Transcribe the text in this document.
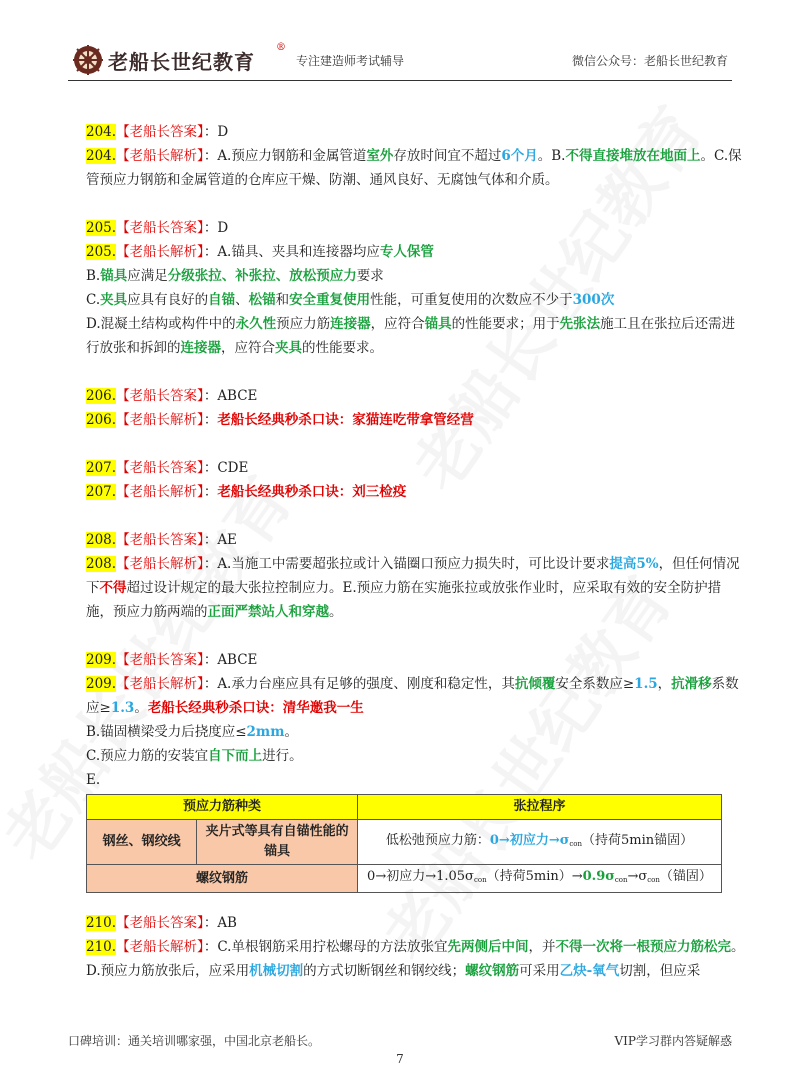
老船长世纪教育
®
专注建造师考试辅导	微信公众号：老船长世纪教育

204.【老船长答案】：D

204.【老船长解析】：A.预应力钢筋和金属管道室外存放时间宜不超过6个月。B.不得直接堆放在地面上。C.保管预应力钢筋和金属管道的仓库应干燥、防潮、通风良好、无腐蚀气体和介质。

205.【老船长答案】：D

205.【老船长解析】：A.锚具、夹具和连接器均应专人保管

B.锚具应满足分级张拉、补张拉、放松预应力要求

C.夹具应具有良好的自锚、松锚和安全重复使用性能，可重复使用的次数应不少于300次

D.混凝土结构或构件中的永久性预应力筋连接器，应符合锚具的性能要求；用于先张法施工且在张拉后还需进行放张和拆卸的连接器，应符合夹具的性能要求。

206.【老船长答案】：ABCE

206.【老船长解析】：老船长经典秒杀口诀：家猫连吃带拿管经营

207.【老船长答案】：CDE

207.【老船长解析】：老船长经典秒杀口诀：刘三检疫

208.【老船长答案】：AE

208.【老船长解析】：A.当施工中需要超张拉或计入锚圈口预应力损失时，可比设计要求提高5%，但任何情况下不得超过设计规定的最大张拉控制应力。E.预应力筋在实施张拉或放张作业时，应采取有效的安全防护措施，预应力筋两端的正面严禁站人和穿越。

209.【老船长答案】：ABCE

209.【老船长解析】：A.承力台座应具有足够的强度、刚度和稳定性，其抗倾覆安全系数应≥1.5，抗滑移系数应≥1.3。老船长经典秒杀口诀：清华邀我一生

B.锚固横梁受力后挠度应≤2mm。

C.预应力筋的安装宜自下而上进行。

E.

预应力筋种类		张拉程序
钢丝、钢绞线	夹片式等具有自锚性能的锚具	低松弛预应力筋：0→初应力$\to\sigma_{con}$（持荷5min锚固）
螺纹钢筋		0→初应力$\to 1.05\sigma_{con}$（持荷$5\min)\to 0.9\sigma_{con}\to\sigma_{con}$（锚固）

210.【老船长答案】：AB

210.【老船长解析】：C.单根钢筋采用拧松螺母的方法放张宜先两侧后中间，并不得一次将一根预应力筋松完。D.预应力筋放张后，应采用机械切割的方式切断钢丝和钢绞线；螺纹钢筋可采用乙炔-氧气切割，但应采

口碑培训：通关培训哪家强，中国北京老船长。	VIP学习群内答疑解惑
7
